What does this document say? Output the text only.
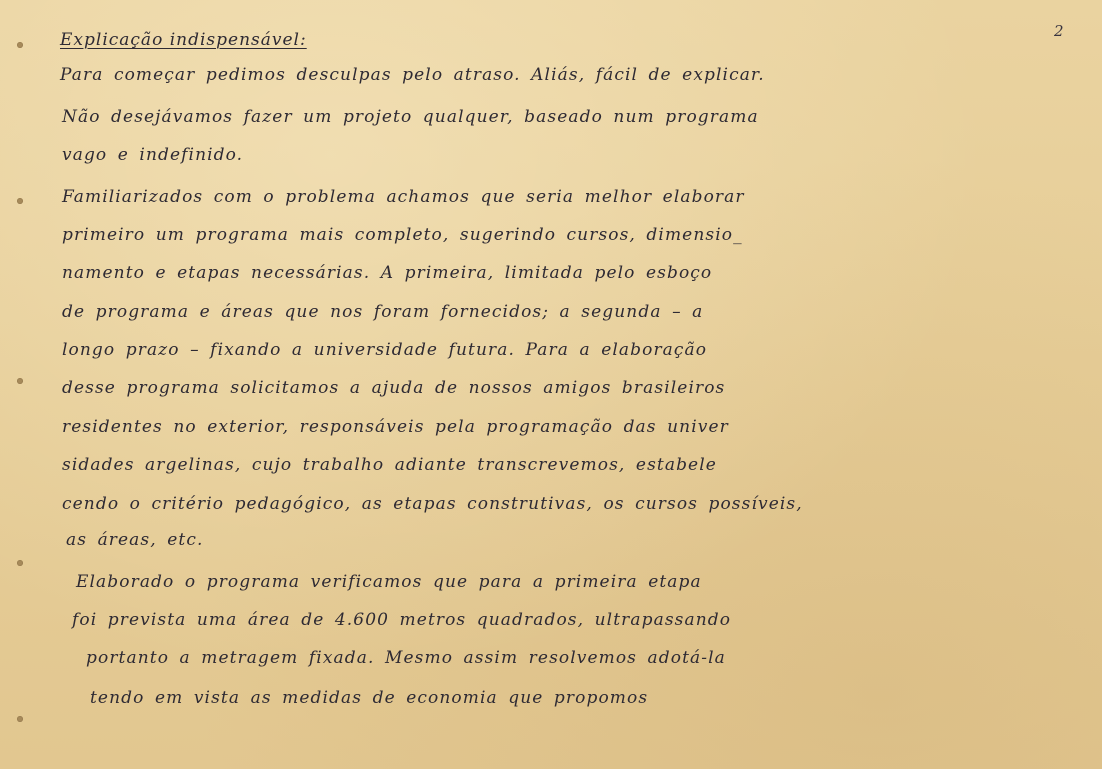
2
Explicação indispensável:
Para começar pedimos desculpas pelo atraso. Aliás, fácil de explicar.
Não desejávamos fazer um projeto qualquer, baseado num programa
vago e indefinido.
Familiarizados com o problema achamos que seria melhor elaborar
primeiro um programa mais completo, sugerindo cursos, dimensio_
namento e etapas necessárias. A primeira, limitada pelo esboço
de programa e áreas que nos foram fornecidos; a segunda – a
longo prazo – fixando a universidade futura. Para a elaboração
desse programa solicitamos a ajuda de nossos amigos brasileiros
residentes no exterior, responsáveis pela programação das univer
sidades argelinas, cujo trabalho adiante transcrevemos, estabele
cendo o critério pedagógico, as etapas construtivas, os cursos possíveis,
as áreas, etc.
Elaborado o programa verificamos que para a primeira etapa
foi prevista uma área de 4.600 metros quadrados, ultrapassando
portanto a metragem fixada. Mesmo assim resolvemos adotá-la
tendo em vista as medidas de economia que propomos
